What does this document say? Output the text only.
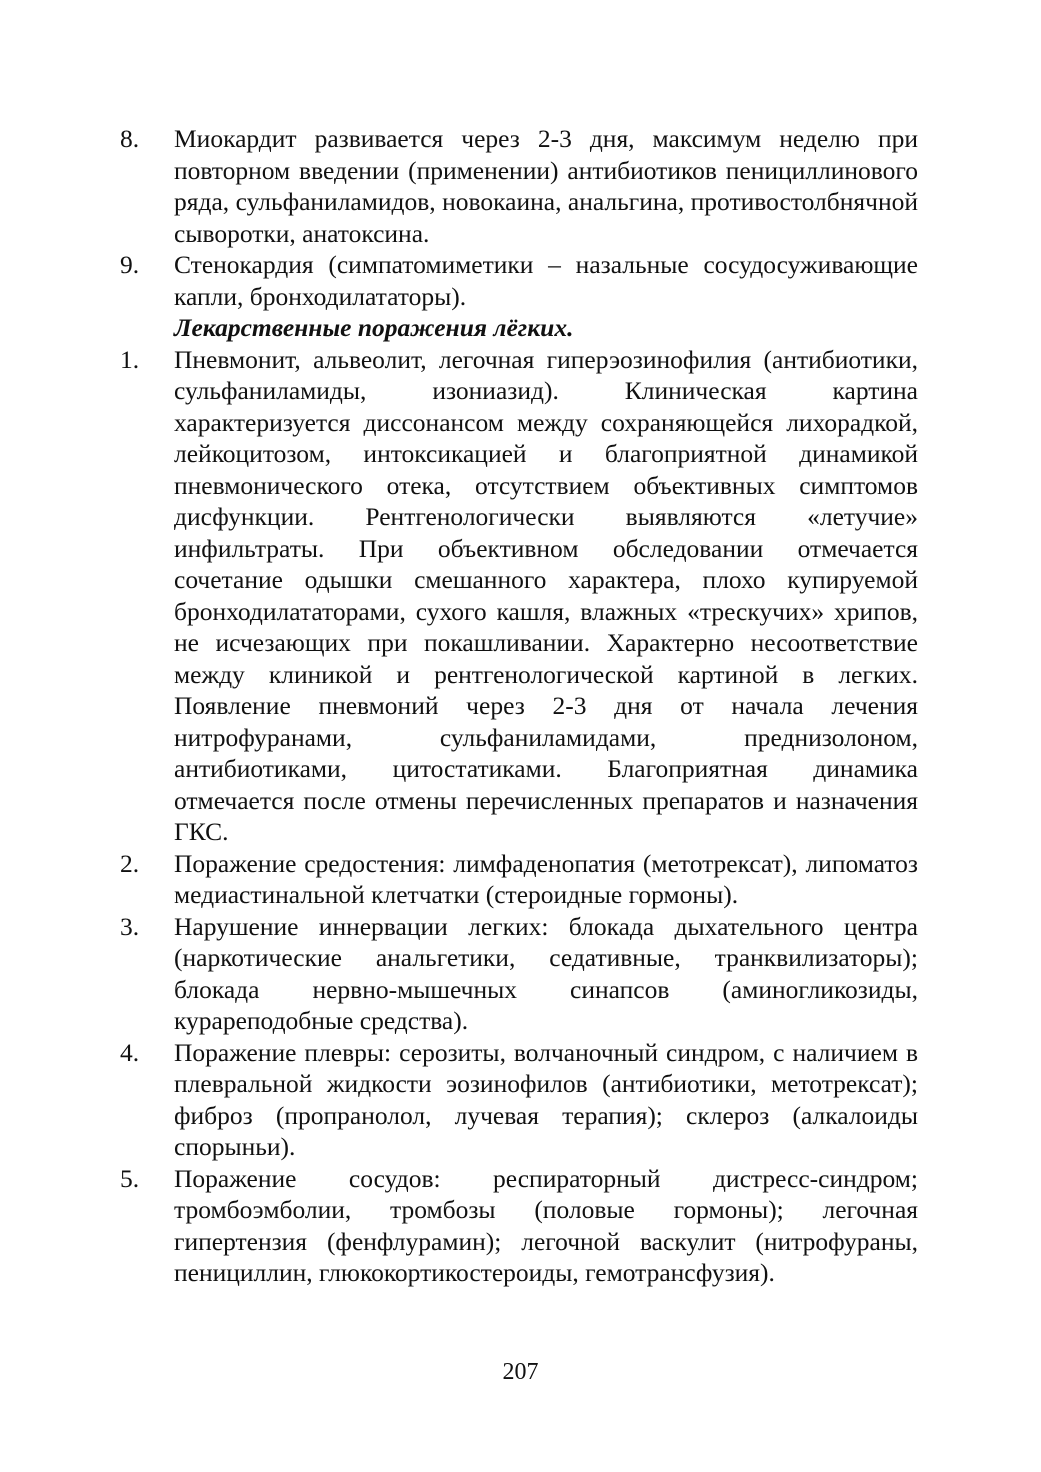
8.	Миокардит развивается через 2-3 дня, максимум неделю при повторном введении (применении) антибиотиков пенициллинового ряда, сульфаниламидов, новокаина, анальгина, противостолбнячной сыворотки, анатоксина.
9.	Стенокардия (симпатомиметики – назальные сосудосуживающие капли, бронходилататоры).
Лекарственные поражения лёгких.
1.	Пневмонит, альвеолит, легочная гиперэозинофилия (антибиотики, сульфаниламиды, изониазид). Клиническая картина характеризуется диссонансом между сохраняющейся лихорадкой, лейкоцитозом, интоксикацией и благоприятной динамикой пневмонического отека, отсутствием объективных симптомов дисфункции. Рентгенологически выявляются «летучие» инфильтраты. При объективном обследовании отмечается сочетание одышки смешанного характера, плохо купируемой бронходилататорами, сухого кашля, влажных «трескучих» хрипов, не исчезающих при покашливании. Характерно несоответствие между клиникой и рентгенологической картиной в легких. Появление пневмоний через 2-3 дня от начала лечения нитрофуранами, сульфаниламидами, преднизолоном, антибиотиками, цитостатиками. Благоприятная динамика отмечается после отмены перечисленных препаратов и назначения ГКС.
2.	Поражение средостения: лимфаденопатия (метотрексат), липоматоз медиастинальной клетчатки (стероидные гормоны).
3.	Нарушение иннервации легких: блокада дыхательного центра (наркотические анальгетики, седативные, транквилизаторы); блокада нервно-мышечных синапсов (аминогликозиды, курареподобные средства).
4.	Поражение плевры: серозиты, волчаночный синдром, с наличием в плевральной жидкости эозинофилов (антибиотики, метотрексат); фиброз (пропранолол, лучевая терапия); склероз (алкалоиды спорыньи).
5.	Поражение сосудов: респираторный дистресс-синдром; тромбоэмболии, тромбозы (половые гормоны); легочная гипертензия (фенфлурамин); легочной васкулит (нитрофураны, пенициллин, глюкокортикостероиды, гемотрансфузия).
207
